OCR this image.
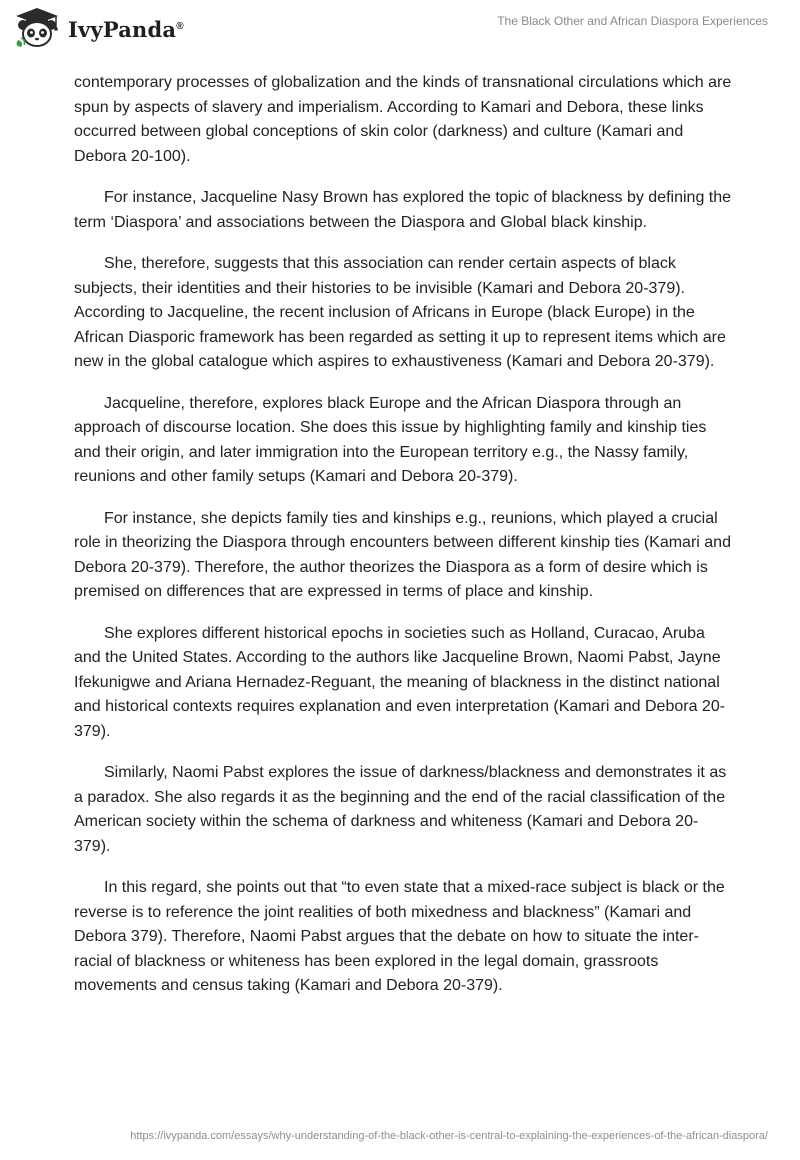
IvyPanda®	The Black Other and African Diaspora Experiences

contemporary processes of globalization and the kinds of transnational circulations which are spun by aspects of slavery and imperialism. According to Kamari and Debora, these links occurred between global conceptions of skin color (darkness) and culture (Kamari and Debora 20-100).

For instance, Jacqueline Nasy Brown has explored the topic of blackness by defining the term ‘Diaspora’ and associations between the Diaspora and Global black kinship.

She, therefore, suggests that this association can render certain aspects of black subjects, their identities and their histories to be invisible (Kamari and Debora 20-379). According to Jacqueline, the recent inclusion of Africans in Europe (black Europe) in the African Diasporic framework has been regarded as setting it up to represent items which are new in the global catalogue which aspires to exhaustiveness (Kamari and Debora 20-379).

Jacqueline, therefore, explores black Europe and the African Diaspora through an approach of discourse location. She does this issue by highlighting family and kinship ties and their origin, and later immigration into the European territory e.g., the Nassy family, reunions and other family setups (Kamari and Debora 20-379).

For instance, she depicts family ties and kinships e.g., reunions, which played a crucial role in theorizing the Diaspora through encounters between different kinship ties (Kamari and Debora 20-379). Therefore, the author theorizes the Diaspora as a form of desire which is premised on differences that are expressed in terms of place and kinship.

She explores different historical epochs in societies such as Holland, Curacao, Aruba and the United States. According to the authors like Jacqueline Brown, Naomi Pabst, Jayne Ifekunigwe and Ariana Hernadez-Reguant, the meaning of blackness in the distinct national and historical contexts requires explanation and even interpretation (Kamari and Debora 20-379).

Similarly, Naomi Pabst explores the issue of darkness/blackness and demonstrates it as a paradox. She also regards it as the beginning and the end of the racial classification of the American society within the schema of darkness and whiteness (Kamari and Debora 20-379).

In this regard, she points out that “to even state that a mixed-race subject is black or the reverse is to reference the joint realities of both mixedness and blackness” (Kamari and Debora 379). Therefore, Naomi Pabst argues that the debate on how to situate the inter-racial of blackness or whiteness has been explored in the legal domain, grassroots movements and census taking (Kamari and Debora 20-379).

https://ivypanda.com/essays/why-understanding-of-the-black-other-is-central-to-explaining-the-experiences-of-the-african-diaspora/
